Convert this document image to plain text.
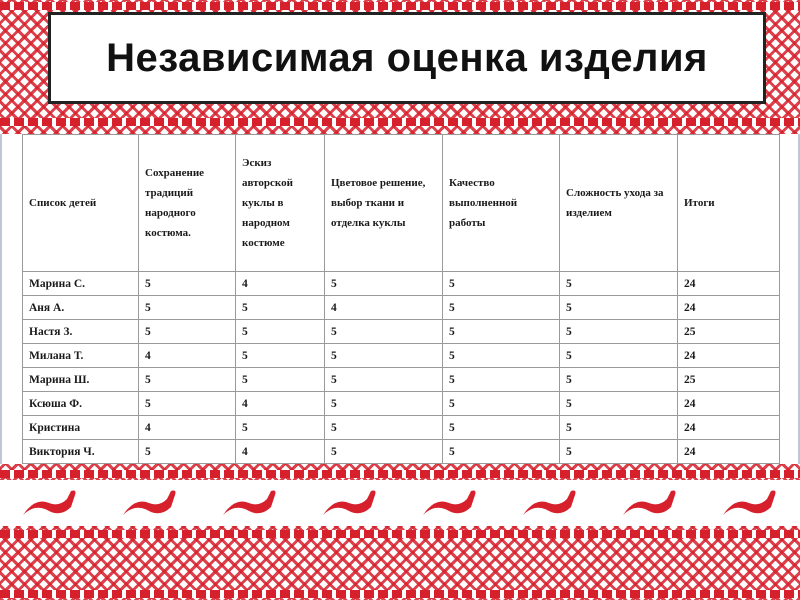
Независимая оценка изделия
Список детей	Сохранение традиций народного костюма.	Эскиз авторской куклы в народном костюме	Цветовое решение, выбор ткани и отделка куклы	Качество выполненной работы	Сложность ухода за изделием	Итоги
Марина С.	5	4	5	5	5	24
Аня А.	5	5	4	5	5	24
Настя З.	5	5	5	5	5	25
Милана Т.	4	5	5	5	5	24
Марина Ш.	5	5	5	5	5	25
Ксюша Ф.	5	4	5	5	5	24
Кристина	4	5	5	5	5	24
Виктория Ч.	5	4	5	5	5	24
